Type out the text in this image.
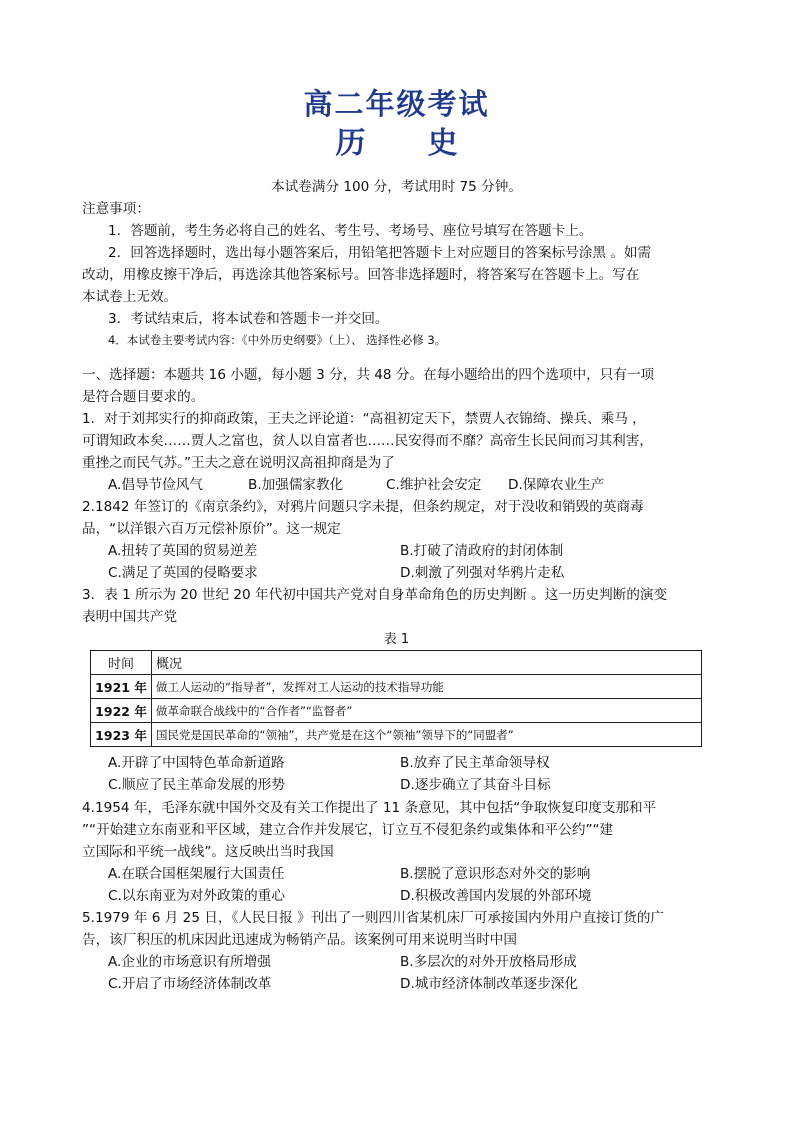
高二年级考试
历 史
本试卷满分 100 分，考试用时 75 分钟。
注意事项：
1．答题前，考生务必将自己的姓名、考生号、考场号、座位号填写在答题卡上。
2．回答选择题时，选出每小题答案后，用铅笔把答题卡上对应题目的答案标号涂黑 。如需
改动，用橡皮擦干净后，再选涂其他答案标号。回答非选择题时，将答案写在答题卡上。写在
本试卷上无效。
3．考试结束后，将本试卷和答题卡一并交回。
4．本试卷主要考试内容：《中外历史纲要》（上）、 选择性必修 3。
一、选择题：本题共 16 小题，每小题 3 分，共 48 分。在每小题给出的四个选项中，只有一项
是符合题目要求的。
1．对于刘邦实行的抑商政策，王夫之评论道：“高祖初定天下，禁贾人衣锦绮、操兵、乘马 ，
可谓知政本矣……贾人之富也，贫人以自富者也……民安得而不靡？高帝生长民间而习其利害，
重挫之而民气苏。”王夫之意在说明汉高祖抑商是为了
A.倡导节俭风气	B.加强儒家教化	C.维护社会安定 D.保障农业生产
2.1842 年签订的《南京条约》，对鸦片问题只字未提，但条约规定，对于没收和销毁的英商毒
品，“以洋银六百万元偿补原价”。这一规定
A.扭转了英国的贸易逆差	B.打破了清政府的封闭体制
C.满足了英国的侵略要求	D.刺激了列强对华鸦片走私
3．表 1 所示为 20 世纪 20 年代初中国共产党对自身革命角色的历史判断 。这一历史判断的演变
表明中国共产党
表 1
时间	概况
1921 年	做工人运动的“指导者”，发挥对工人运动的技术指导功能
1922 年	做革命联合战线中的“合作者”“监督者”
1923 年	国民党是国民革命的“领袖”，共产党是在这个“领袖”领导下的“同盟者”
A.开辟了中国特色革命新道路	B.放弃了民主革命领导权
C.顺应了民主革命发展的形势	D.逐步确立了其奋斗目标
4.1954 年，毛泽东就中国外交及有关工作提出了 11 条意见，其中包括“争取恢复印度支那和平
”“开始建立东南亚和平区域，建立合作并发展它，订立互不侵犯条约或集体和平公约”“建
立国际和平统一战线”。这反映出当时我国
A.在联合国框架履行大国责任	B.摆脱了意识形态对外交的影响
C.以东南亚为对外政策的重心	D.积极改善国内发展的外部环境
5.1979 年 6 月 25 日，《人民日报 》刊出了一则四川省某机床厂可承接国内外用户直接订货的广
告，该厂积压的机床因此迅速成为畅销产品。该案例可用来说明当时中国
A.企业的市场意识有所增强	B.多层次的对外开放格局形成
C.开启了市场经济体制改革	D.城市经济体制改革逐步深化
